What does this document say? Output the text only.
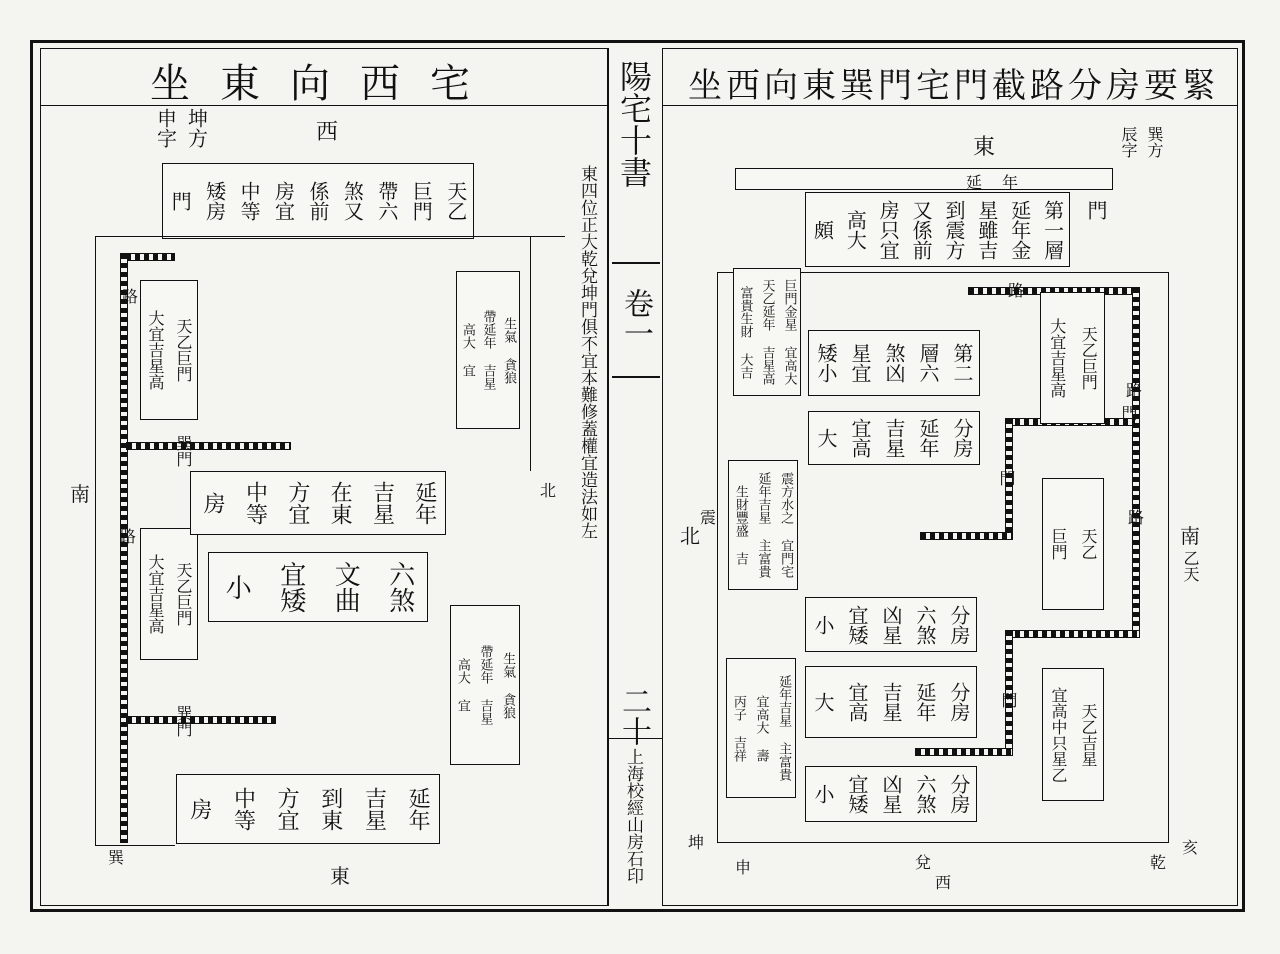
坐東向西宅
坤方
申字	西
天乙
巨門
帶六
煞又
係前
房宜
中等
矮房
門
路
路
巽門
巽門
南	北
東
巽
天乙巨門
大宜吉星高
天乙巨門
大宜吉星高
生氣 貪狼
帶延年 吉星
高大 宜
生氣 貪狼
帶延年 吉星
高大 宜
延年
吉星
在東
方宜
中等
房
六煞
文曲
宜矮
小
延年
吉星
到東
方宜
中等
房
陽宅十書
卷一
東四位正大乾兌坤門俱不宜本難修蓋權宜造法如左
二十
上海校經山房石印
坐西向東巽門宅門截路分房要緊
東	巽方
辰字
延年
第一層
延年金
星雖吉
到震方
又係前
房只宜
高大
頗
門
路
路
路
門
門
門
南
乙天
北
震
巨門金星 宜高大
天乙延年 吉星高
富貴生財 大吉
震方水之 宜門宅
延年吉星 主富貴
生財豐盛 吉
延年吉星 主富貴
宜高大 壽
丙子 吉祥
天乙巨門
大宜吉星高
天乙
巨門
天乙吉星
宜高中只星乙
第二
層六
煞凶
星宜
矮小
分房
延年
吉星
宜高
大
分房
六煞
凶星
宜矮
小
分房
延年
吉星
宜高
大
分房
六煞
凶星
宜矮
小
坤
申	兌
西
乾
亥
